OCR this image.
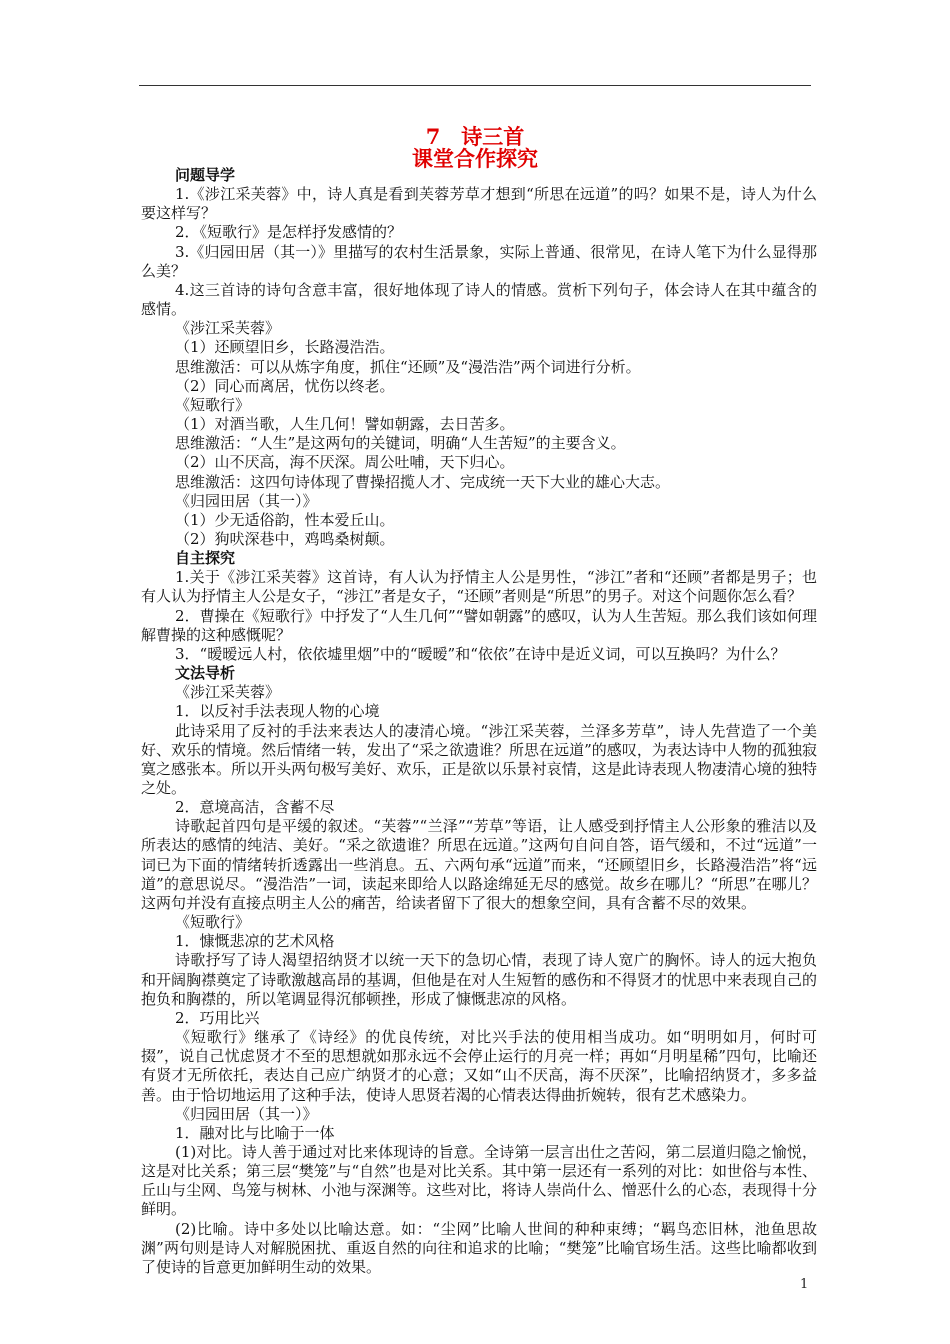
7　诗三首
课堂合作探究

问题导学

1.《涉江采芙蓉》中，诗人真是看到芙蓉芳草才想到“所思在远道”的吗？如果不是，诗人为什么要这样写？

2．《短歌行》是怎样抒发感情的？

3.《归园田居（其一）》里描写的农村生活景象，实际上普通、很常见，在诗人笔下为什么显得那么美？

4.这三首诗的诗句含意丰富，很好地体现了诗人的情感。赏析下列句子，体会诗人在其中蕴含的感情。

《涉江采芙蓉》

（1）还顾望旧乡，长路漫浩浩。

思维激活：可以从炼字角度，抓住“还顾”及“漫浩浩”两个词进行分析。

（2）同心而离居，忧伤以终老。

《短歌行》

（1）对酒当歌，人生几何！譬如朝露，去日苦多。

思维激活：“人生”是这两句的关键词，明确“人生苦短”的主要含义。

（2）山不厌高，海不厌深。周公吐哺，天下归心。

思维激活：这四句诗体现了曹操招揽人才、完成统一天下大业的雄心大志。

《归园田居（其一）》

（1）少无适俗韵，性本爱丘山。

（2）狗吠深巷中，鸡鸣桑树颠。

自主探究

1.关于《涉江采芙蓉》这首诗，有人认为抒情主人公是男性，“涉江”者和“还顾”者都是男子；也有人认为抒情主人公是女子，“涉江”者是女子，“还顾”者则是“所思”的男子。对这个问题你怎么看？

2．曹操在《短歌行》中抒发了“人生几何”“譬如朝露”的感叹，认为人生苦短。那么我们该如何理解曹操的这种感慨呢？

3．“暧暧远人村，依依墟里烟”中的“暧暧”和“依依”在诗中是近义词，可以互换吗？为什么？

文法导析

《涉江采芙蓉》

1．以反衬手法表现人物的心境

此诗采用了反衬的手法来表达人的凄清心境。“涉江采芙蓉，兰泽多芳草”，诗人先营造了一个美好、欢乐的情境。然后情绪一转，发出了“采之欲遗谁？所思在远道”的感叹，为表达诗中人物的孤独寂寞之感张本。所以开头两句极写美好、欢乐，正是欲以乐景衬哀情，这是此诗表现人物凄清心境的独特之处。

2．意境高洁，含蓄不尽

诗歌起首四句是平缓的叙述。“芙蓉”“兰泽”“芳草”等语，让人感受到抒情主人公形象的雅洁以及所表达的感情的纯洁、美好。“采之欲遗谁？所思在远道。”这两句自问自答，语气缓和，不过“远道”一词已为下面的情绪转折透露出一些消息。五、六两句承“远道”而来，“还顾望旧乡，长路漫浩浩”将“远道”的意思说尽。“漫浩浩”一词，读起来即给人以路途绵延无尽的感觉。故乡在哪儿？“所思”在哪儿？这两句并没有直接点明主人公的痛苦，给读者留下了很大的想象空间，具有含蓄不尽的效果。

《短歌行》

1．慷慨悲凉的艺术风格

诗歌抒写了诗人渴望招纳贤才以统一天下的急切心情，表现了诗人宽广的胸怀。诗人的远大抱负和开阔胸襟奠定了诗歌激越高昂的基调，但他是在对人生短暂的感伤和不得贤才的忧思中来表现自己的抱负和胸襟的，所以笔调显得沉郁顿挫，形成了慷慨悲凉的风格。

2．巧用比兴

《短歌行》继承了《诗经》的优良传统，对比兴手法的使用相当成功。如“明明如月，何时可掇”，说自己忧虑贤才不至的思想就如那永远不会停止运行的月亮一样；再如“月明星稀”四句，比喻还有贤才无所依托，表达自己应广纳贤才的心意；又如“山不厌高，海不厌深”，比喻招纳贤才，多多益善。由于恰切地运用了这种手法，使诗人思贤若渴的心情表达得曲折婉转，很有艺术感染力。

《归园田居（其一）》

1．融对比与比喻于一体

(1)对比。诗人善于通过对比来体现诗的旨意。全诗第一层言出仕之苦闷，第二层道归隐之愉悦，这是对比关系；第三层“樊笼”与“自然”也是对比关系。其中第一层还有一系列的对比：如世俗与本性、丘山与尘网、鸟笼与树林、小池与深渊等。这些对比，将诗人崇尚什么、憎恶什么的心态，表现得十分鲜明。

(2)比喻。诗中多处以比喻达意。如：“尘网”比喻人世间的种种束缚；“羁鸟恋旧林，池鱼思故渊”两句则是诗人对解脱困扰、重返自然的向往和追求的比喻；“樊笼”比喻官场生活。这些比喻都收到了使诗的旨意更加鲜明生动的效果。

1
